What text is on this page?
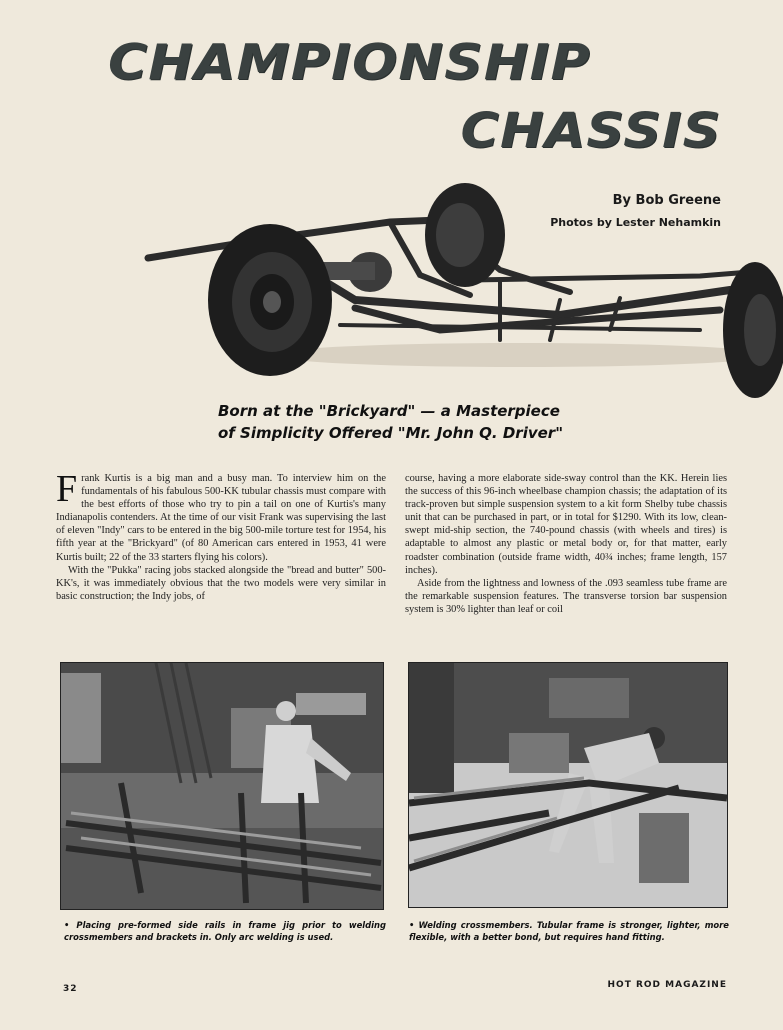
CHAMPIONSHIP
CHASSIS

By Bob Greene

Photos by Lester Nehamkin

Born at the "Brickyard" — a Masterpiece
of Simplicity Offered "Mr. John Q. Driver"

Frank Kurtis is a big man and a busy man. To interview him on the fundamentals of his fabulous 500-KK tubular chassis must compare with the best efforts of those who try to pin a tail on one of Kurtis's many Indianapolis contenders. At the time of our visit Frank was supervising the last of eleven "Indy" cars to be entered in the big 500-mile torture test for 1954, his fifth year at the "Brickyard" (of 80 American cars entered in 1953, 41 were Kurtis built; 22 of the 33 starters flying his colors).

With the "Pukka" racing jobs stacked alongside the "bread and butter" 500-KK's, it was immediately obvious that the two models were very similar in basic construction; the Indy jobs, of

course, having a more elaborate side-sway control than the KK. Herein lies the success of this 96-inch wheelbase champion chassis; the adaptation of its track-proven but simple suspension system to a kit form Shelby tube chassis unit that can be purchased in part, or in total for $1290. With its low, clean-swept mid-ship section, the 740-pound chassis (with wheels and tires) is adaptable to almost any plastic or metal body or, for that matter, early roadster combination (outside frame width, 40¾ inches; frame length, 157 inches).

Aside from the lightness and lowness of the .093 seamless tube frame are the remarkable suspension features. The transverse torsion bar suspension system is 30% lighter than leaf or coil

• Placing pre-formed side rails in frame jig prior to welding crossmembers and brackets in. Only arc welding is used.

• Welding crossmembers. Tubular frame is stronger, lighter, more flexible, with a better bond, but requires hand fitting.

32	HOT ROD MAGAZINE
